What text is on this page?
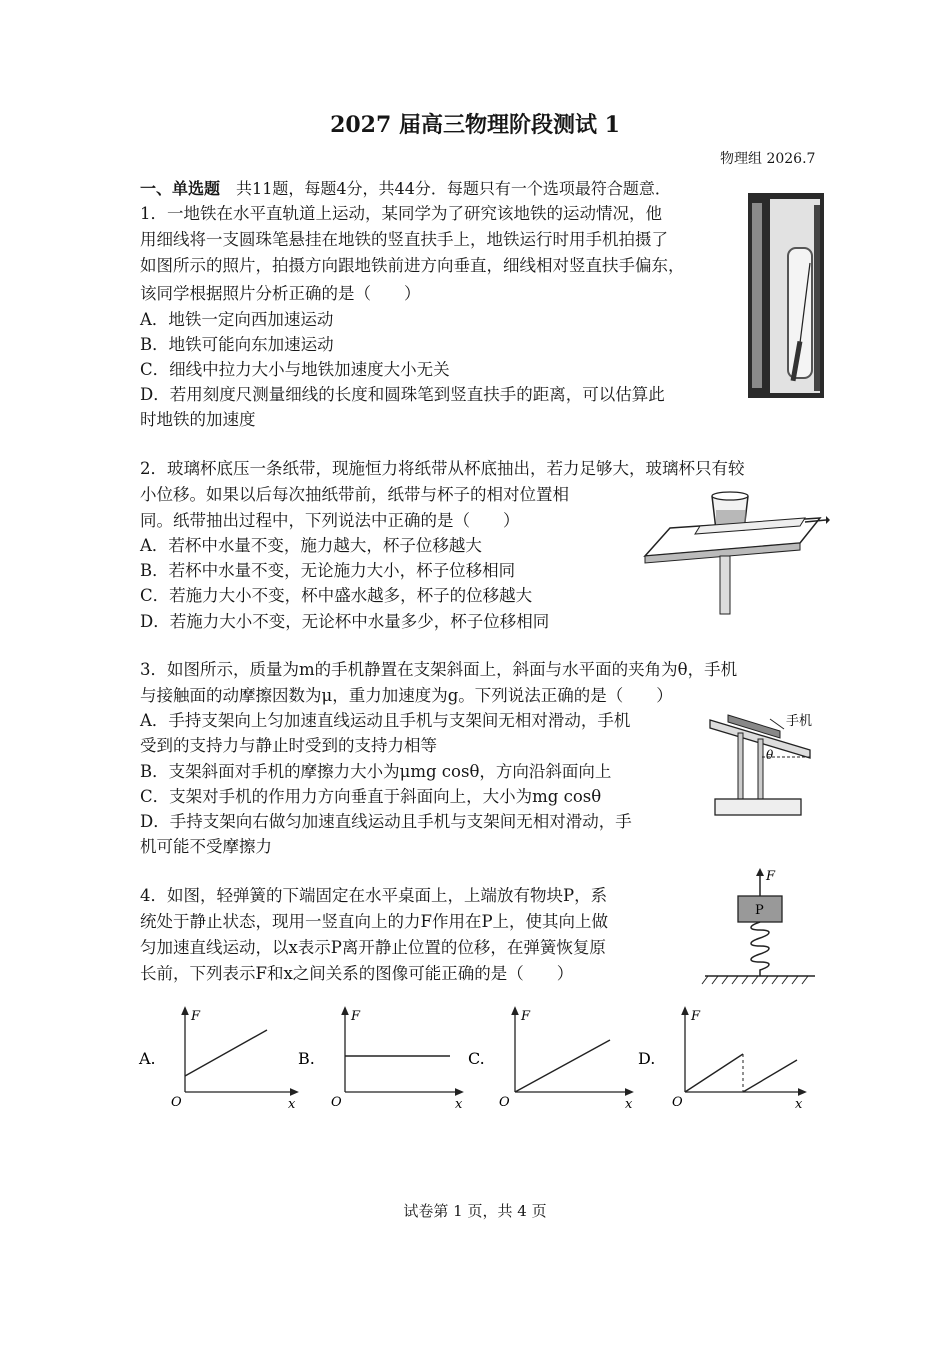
2027 届高三物理阶段测试 1
物理组 2026.7
一、单选题 共11题，每题4分，共44分．每题只有一个选项最符合题意．
1．一地铁在水平直轨道上运动，某同学为了研究该地铁的运动情况，他
用细线将一支圆珠笔悬挂在地铁的竖直扶手上，地铁运行时用手机拍摄了
如图所示的照片，拍摄方向跟地铁前进方向垂直，细线相对竖直扶手偏东，
该同学根据照片分析正确的是（　　）
A．地铁一定向西加速运动
B．地铁可能向东加速运动
C．细线中拉力大小与地铁加速度大小无关
D．若用刻度尺测量细线的长度和圆珠笔到竖直扶手的距离，可以估算此
时地铁的加速度
2．玻璃杯底压一条纸带，现施恒力将纸带从杯底抽出，若力足够大，玻璃杯只有较
小位移。如果以后每次抽纸带前，纸带与杯子的相对位置相
同。纸带抽出过程中，下列说法中正确的是（　　）
A．若杯中水量不变，施力越大，杯子位移越大
B．若杯中水量不变，无论施力大小，杯子位移相同
C．若施力大小不变，杯中盛水越多，杯子的位移越大
D．若施力大小不变，无论杯中水量多少，杯子位移相同
3．如图所示，质量为m的手机静置在支架斜面上，斜面与水平面的夹角为θ，手机
与接触面的动摩擦因数为μ，重力加速度为g。下列说法正确的是（　　）
A．手持支架向上匀加速直线运动且手机与支架间无相对滑动，手机
受到的支持力与静止时受到的支持力相等
B．支架斜面对手机的摩擦力大小为μmg cosθ，方向沿斜面向上
C．支架对手机的作用力方向垂直于斜面向上，大小为mg cosθ
D．手持支架向右做匀加速直线运动且手机与支架间无相对滑动，手
机可能不受摩擦力
手机
θ
4．如图，轻弹簧的下端固定在水平桌面上，上端放有物块P，系
统处于静止状态，现用一竖直向上的力F作用在P上，使其向上做
匀加速直线运动，以x表示P离开静止位置的位移，在弹簧恢复原
长前，下列表示F和x之间关系的图像可能正确的是（　　）
F
P
A.
F
x
O
B.
F
x
O
C.
F
x
O
D.
F
x
O
试卷第 1 页，共 4 页
